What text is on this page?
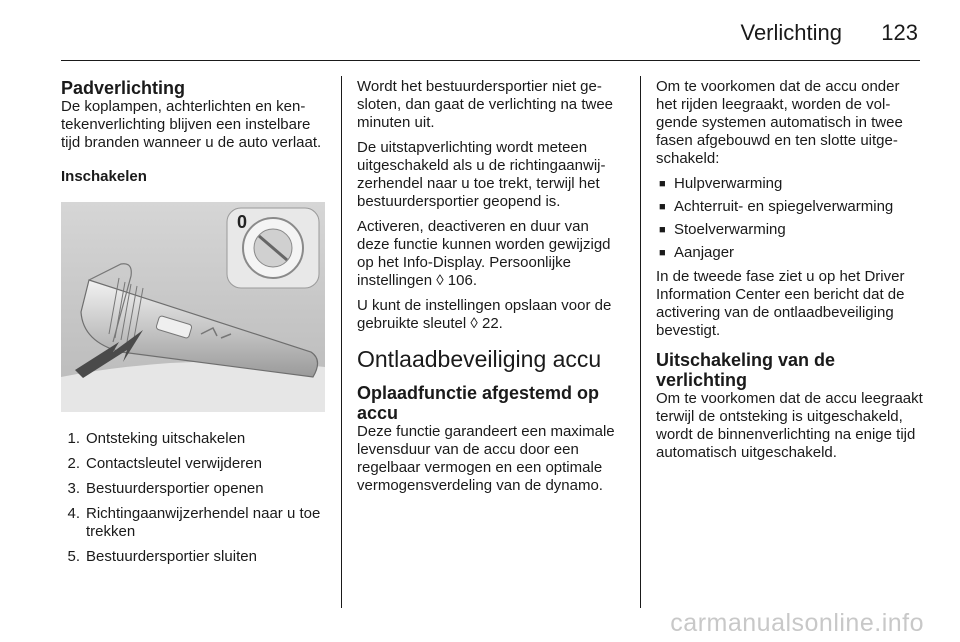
Verlichting 123
Padverlichting

De koplampen, achterlichten en kentekenverlichting blijven een instelbare tijd branden wanneer u de auto verlaat.

Inschakelen
0
1. Ontsteking uitschakelen
2. Contactsleutel verwijderen
3. Bestuurdersportier openen
4. Richtingaanwijzerhendel naar u toe trekken
5. Bestuurdersportier sluiten

Wordt het bestuurdersportier niet gesloten, dan gaat de verlichting na twee minuten uit.

De uitstapverlichting wordt meteen uitgeschakeld als u de richtingaanwijzerhendel naar u toe trekt, terwijl het bestuurdersportier geopend is.

Activeren, deactiveren en duur van deze functie kunnen worden gewijzigd op het Info-Display. Persoonlijke instellingen ◊ 106.

U kunt de instellingen opslaan voor de gebruikte sleutel ◊ 22.

Ontlaadbeveiliging accu
Oplaadfunctie afgestemd op accu

Deze functie garandeert een maximale levensduur van de accu door een regelbaar vermogen en een optimale vermogensverdeling van de dynamo.

Om te voorkomen dat de accu onder het rijden leegraakt, worden de volgende systemen automatisch in twee fasen afgebouwd en ten slotte uitgeschakeld:

■ Hulpverwarming
■ Achterruit- en spiegelverwarming
■ Stoelverwarming
■ Aanjager

In de tweede fase ziet u op het Driver Information Center een bericht dat de activering van de ontlaadbeveiliging bevestigt.

Uitschakeling van de verlichting

Om te voorkomen dat de accu leegraakt terwijl de ontsteking is uitgeschakeld, wordt de binnenverlichting na enige tijd automatisch uitgeschakeld.

carmanualsonline.info
